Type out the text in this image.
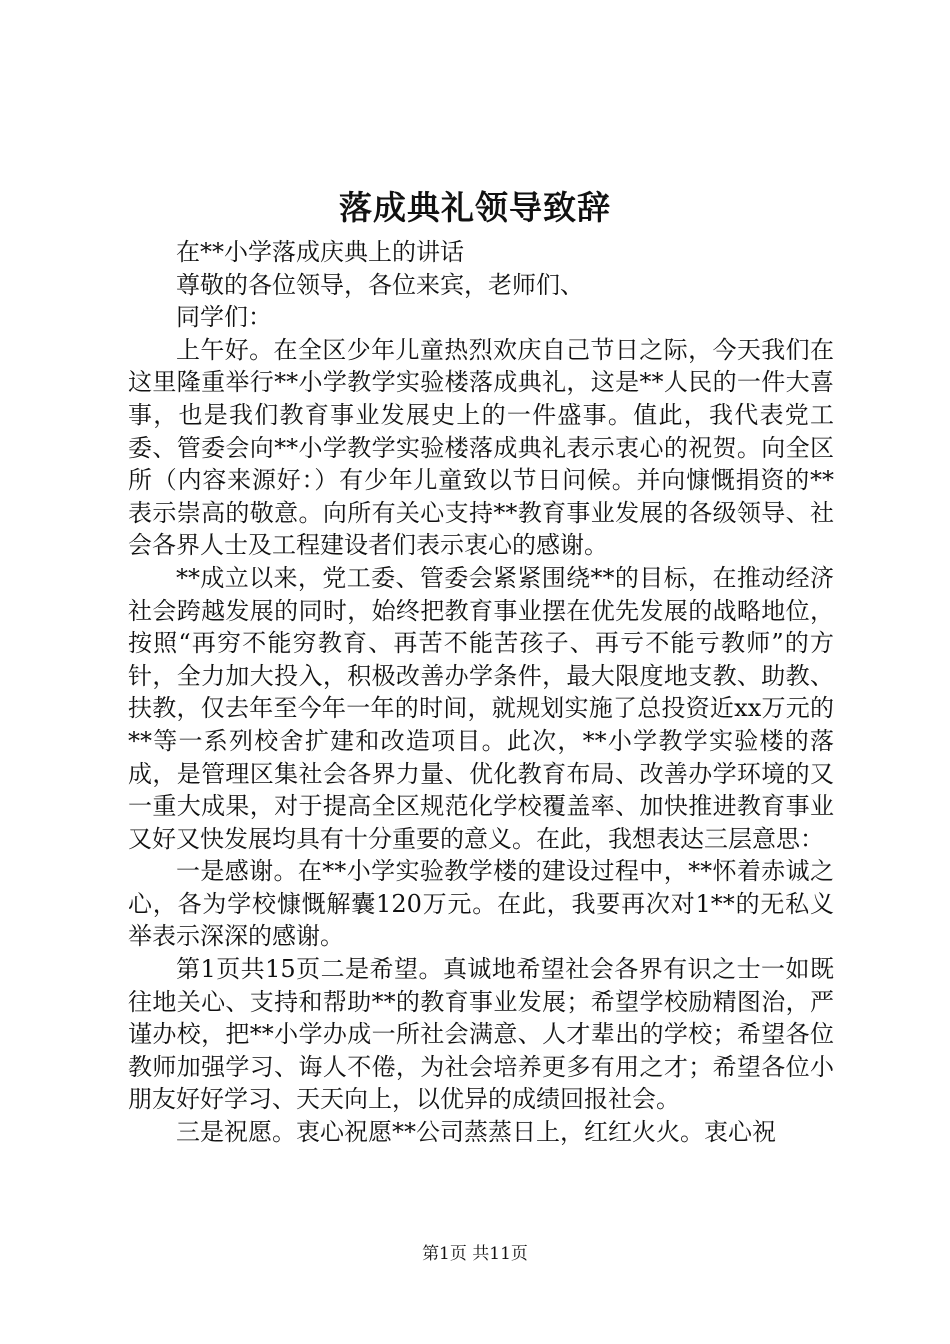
落成典礼领导致辞

在**小学落成庆典上的讲话

尊敬的各位领导，各位来宾，老师们、

同学们：

上午好。在全区少年儿童热烈欢庆自己节日之际，今天我们在这里隆重举行**小学教学实验楼落成典礼，这是**人民的一件大喜事，也是我们教育事业发展史上的一件盛事。值此，我代表党工委、管委会向**小学教学实验楼落成典礼表示衷心的祝贺。向全区所（内容来源好：）有少年儿童致以节日问候。并向慷慨捐资的**表示崇高的敬意。向所有关心支持**教育事业发展的各级领导、社会各界人士及工程建设者们表示衷心的感谢。

**成立以来，党工委、管委会紧紧围绕**的目标，在推动经济社会跨越发展的同时，始终把教育事业摆在优先发展的战略地位，按照“再穷不能穷教育、再苦不能苦孩子、再亏不能亏教师”的方针，全力加大投入，积极改善办学条件，最大限度地支教、助教、扶教，仅去年至今年一年的时间，就规划实施了总投资近xx万元的**等一系列校舍扩建和改造项目。此次，**小学教学实验楼的落成，是管理区集社会各界力量、优化教育布局、改善办学环境的又一重大成果，对于提高全区规范化学校覆盖率、加快推进教育事业又好又快发展均具有十分重要的意义。在此，我想表达三层意思：

一是感谢。在**小学实验教学楼的建设过程中，**怀着赤诚之心，各为学校慷慨解囊120万元。在此，我要再次对1**的无私义举表示深深的感谢。

第1页共15页二是希望。真诚地希望社会各界有识之士一如既往地关心、支持和帮助**的教育事业发展；希望学校励精图治，严谨办校，把**小学办成一所社会满意、人才辈出的学校；希望各位教师加强学习、诲人不倦，为社会培养更多有用之才；希望各位小朋友好好学习、天天向上，以优异的成绩回报社会。

三是祝愿。衷心祝愿**公司蒸蒸日上，红红火火。衷心祝

第1页 共11页
